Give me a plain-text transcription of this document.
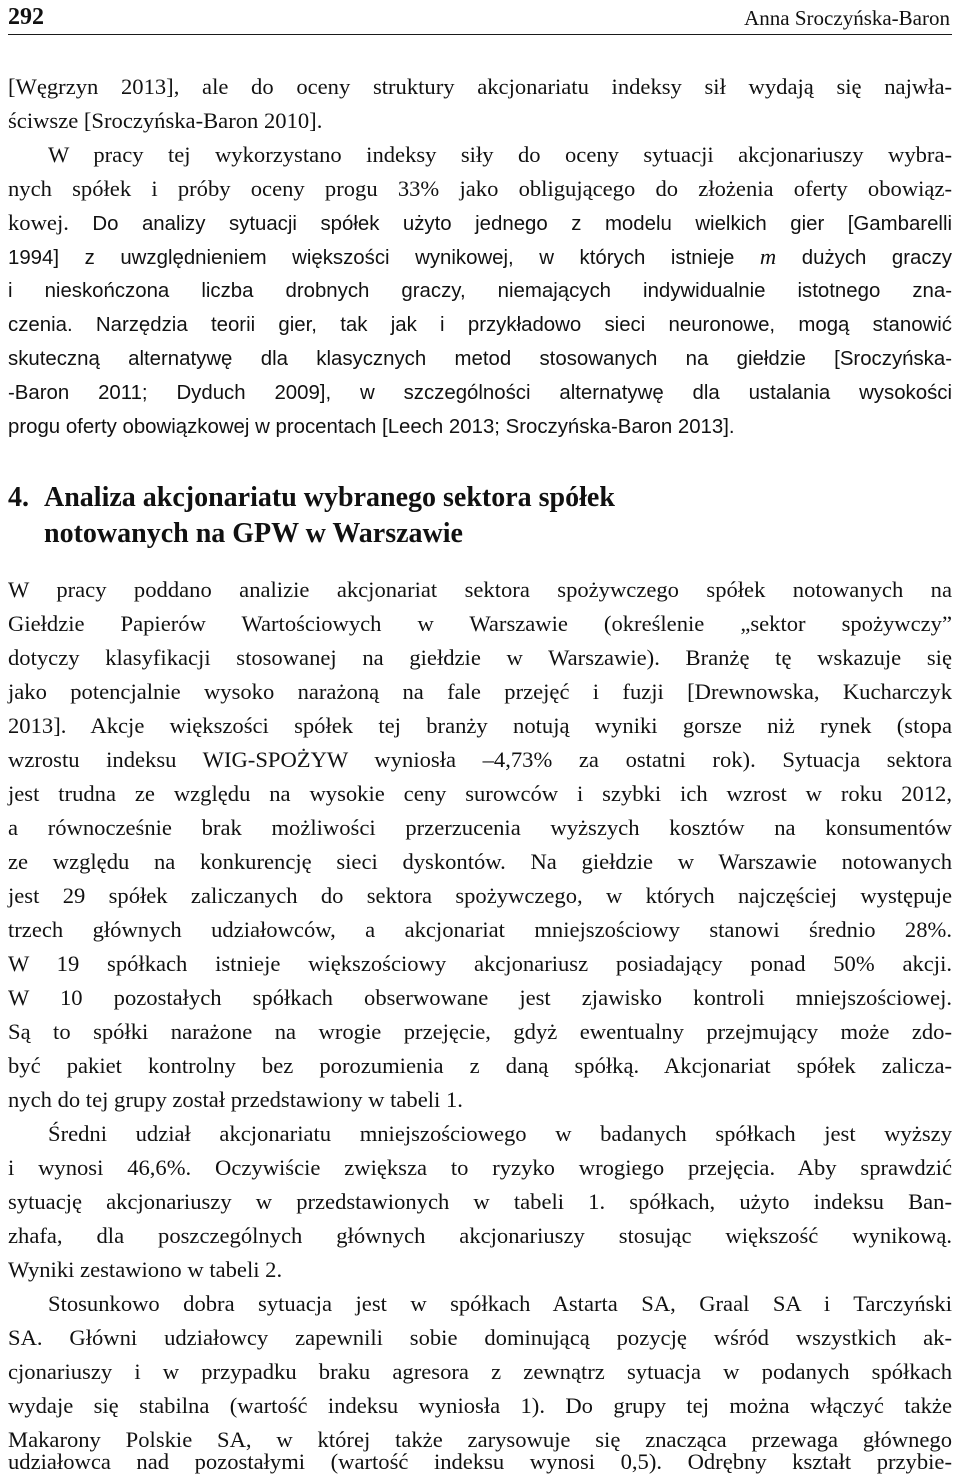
292	Anna Sroczyńska-Baron
[Węgrzyn 2013], ale do oceny struktury akcjonariatu indeksy sił wydają się najwła-
ściwsze [Sroczyńska-Baron 2010].
W pracy tej wykorzystano indeksy siły do oceny sytuacji akcjonariuszy wybra-
nych spółek i próby oceny progu 33% jako obligującego do złożenia oferty obowiąz-
kowej. Do analizy sytuacji spółek użyto jednego z modelu wielkich gier [Gambarelli
1994] z uwzględnieniem większości wynikowej, w których istnieje m dużych graczy
i nieskończona liczba drobnych graczy, niemających indywidualnie istotnego zna-
czenia. Narzędzia teorii gier, tak jak i przykładowo sieci neuronowe, mogą stanowić
skuteczną alternatywę dla klasycznych metod stosowanych na giełdzie [Sroczyńska-
-Baron 2011; Dyduch 2009], w szczególności alternatywę dla ustalania wysokości
progu oferty obowiązkowej w procentach [Leech 2013; Sroczyńska-Baron 2013].
4. Analiza akcjonariatu wybranego sektora spółek
notowanych na GPW w Warszawie
W pracy poddano analizie akcjonariat sektora spożywczego spółek notowanych na
Giełdzie Papierów Wartościowych w Warszawie (określenie „sektor spożywczy”
dotyczy klasyfikacji stosowanej na giełdzie w Warszawie). Branżę tę wskazuje się
jako potencjalnie wysoko narażoną na fale przejęć i fuzji [Drewnowska, Kucharczyk
2013]. Akcje większości spółek tej branży notują wyniki gorsze niż rynek (stopa
wzrostu indeksu WIG-SPOŻYW wyniosła –4,73% za ostatni rok). Sytuacja sektora
jest trudna ze względu na wysokie ceny surowców i szybki ich wzrost w roku 2012,
a równocześnie brak możliwości przerzucenia wyższych kosztów na konsumentów
ze względu na konkurencję sieci dyskontów. Na giełdzie w Warszawie notowanych
jest 29 spółek zaliczanych do sektora spożywczego, w których najczęściej występuje
trzech głównych udziałowców, a akcjonariat mniejszościowy stanowi średnio 28%.
W 19 spółkach istnieje większościowy akcjonariusz posiadający ponad 50% akcji.
W 10 pozostałych spółkach obserwowane jest zjawisko kontroli mniejszościowej.
Są to spółki narażone na wrogie przejęcie, gdyż ewentualny przejmujący może zdo-
być pakiet kontrolny bez porozumienia z daną spółką. Akcjonariat spółek zalicza-
nych do tej grupy został przedstawiony w tabeli 1.
Średni udział akcjonariatu mniejszościowego w badanych spółkach jest wyższy
i wynosi 46,6%. Oczywiście zwiększa to ryzyko wrogiego przejęcia. Aby sprawdzić
sytuację akcjonariuszy w przedstawionych w tabeli 1. spółkach, użyto indeksu Ban-
zhafa, dla poszczególnych głównych akcjonariuszy stosując większość wynikową.
Wyniki zestawiono w tabeli 2.
Stosunkowo dobra sytuacja jest w spółkach Astarta SA, Graal SA i Tarczyński
SA. Główni udziałowcy zapewnili sobie dominującą pozycję wśród wszystkich ak-
cjonariuszy i w przypadku braku agresora z zewnątrz sytuacja w podanych spółkach
wydaje się stabilna (wartość indeksu wyniosła 1). Do grupy tej można włączyć także
Makarony Polskie SA, w której także zarysowuje się znacząca przewaga głównego
udziałowca nad pozostałymi (wartość indeksu wynosi 0,5). Odrębny kształt przybie-
